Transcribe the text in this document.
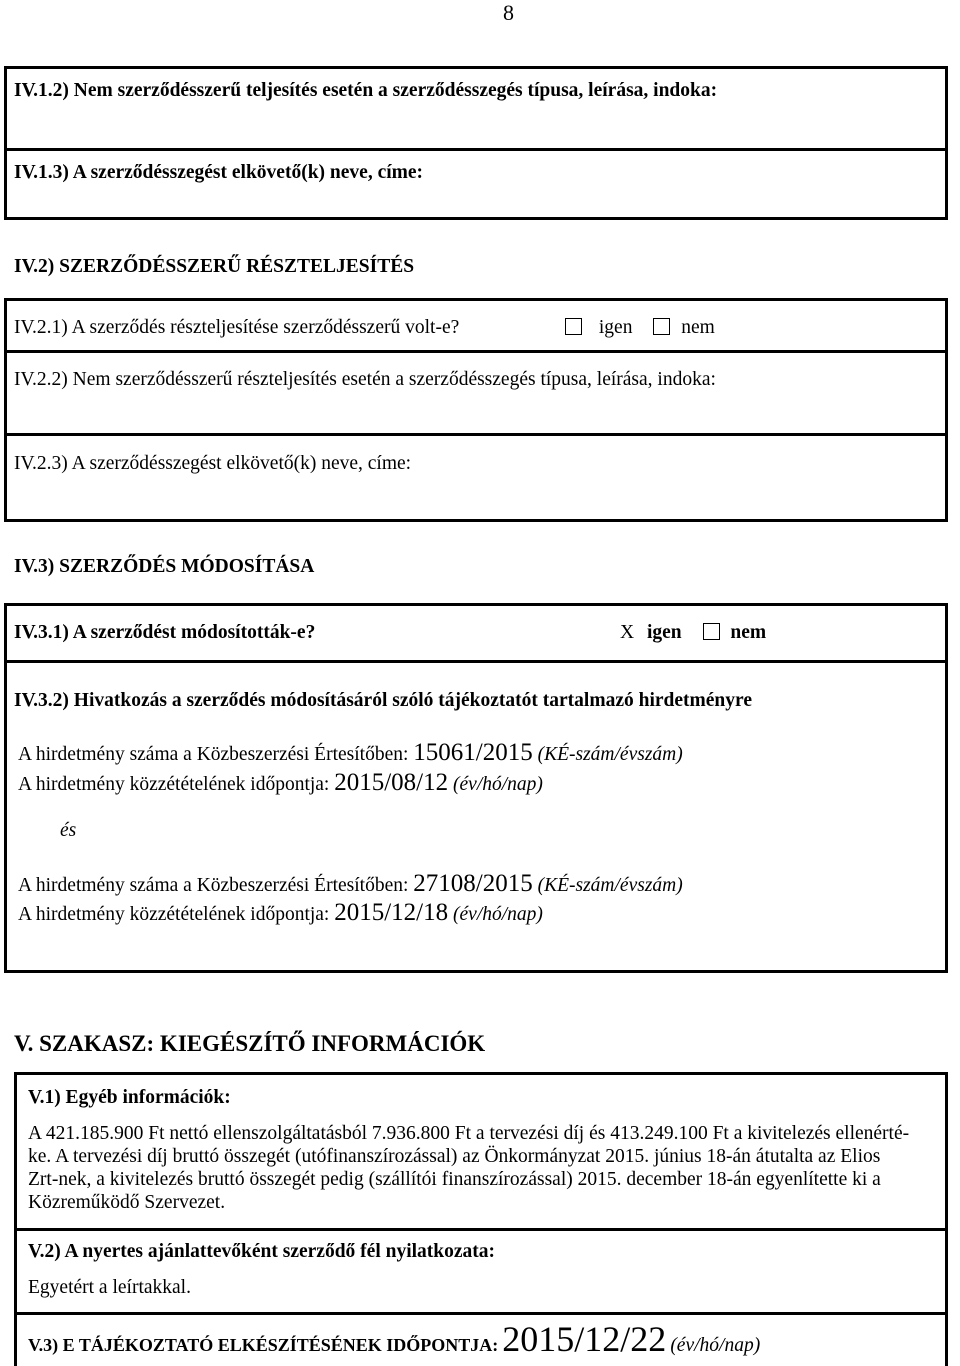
8
IV.1.2) Nem szerződésszerű teljesítés esetén a szerződésszegés típusa, leírása, indoka:
IV.1.3) A szerződésszegést elkövető(k) neve, címe:
IV.2) SZERZŐDÉSSZERŰ RÉSZTELJESÍTÉS
IV.2.1) A szerződés részteljesítése szerződésszerű volt-e?	igen	nem
IV.2.2) Nem szerződésszerű részteljesítés esetén a szerződésszegés típusa, leírása, indoka:
IV.2.3) A szerződésszegést elkövető(k) neve, címe:
IV.3) SZERZŐDÉS MÓDOSÍTÁSA
IV.3.1) A szerződést módosították-e?	X igen	nem
IV.3.2) Hivatkozás a szerződés módosításáról szóló tájékoztatót tartalmazó hirdetményre
A hirdetmény száma a Közbeszerzési Értesítőben: 15061/2015 (KÉ-szám/évszám)
A hirdetmény közzétételének időpontja: 2015/08/12 (év/hó/nap)
és
A hirdetmény száma a Közbeszerzési Értesítőben: 27108/2015 (KÉ-szám/évszám)
A hirdetmény közzétételének időpontja: 2015/12/18 (év/hó/nap)
V. SZAKASZ: KIEGÉSZÍTŐ INFORMÁCIÓK
V.1) Egyéb információk:
A 421.185.900 Ft nettó ellenszolgáltatásból 7.936.800 Ft a tervezési díj és 413.249.100 Ft a kivitelezés ellenérté-
ke. A tervezési díj bruttó összegét (utófinanszírozással) az Önkormányzat 2015. június 18-án átutalta az Elios
Zrt-nek, a kivitelezés bruttó összegét pedig (szállítói finanszírozással) 2015. december 18-án egyenlítette ki a
Közreműködő Szervezet.
V.2) A nyertes ajánlattevőként szerződő fél nyilatkozata:
Egyetért a leírtakkal.
V.3) E TÁJÉKOZTATÓ ELKÉSZÍTÉSÉNEK IDŐPONTJA: 2015/12/22 (év/hó/nap)
